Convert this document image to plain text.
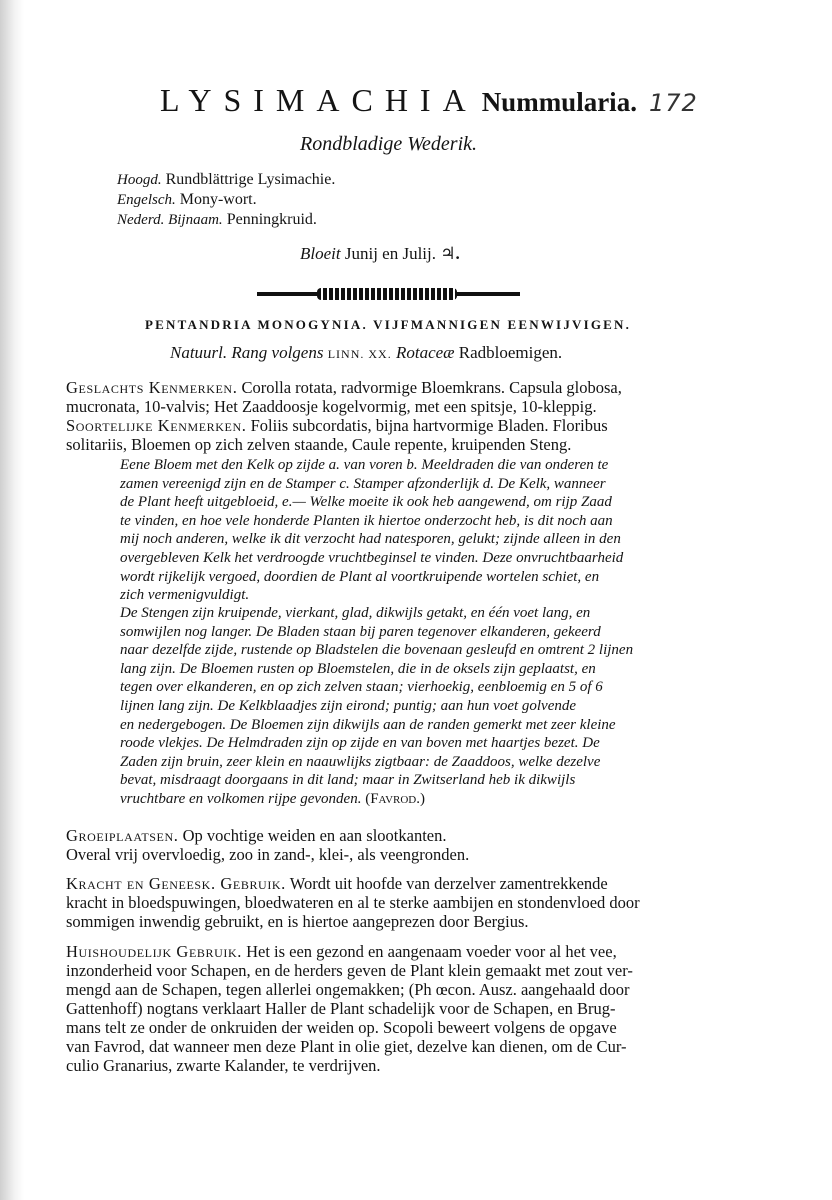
LYSIMACHIA Nummularia. 172
Rondbladige Wederik.
Hoogd. Rundblättrige Lysimachie.
Engelsch. Mony-wort.
Nederd. Bijnaam. Penningkruid.
Bloeit Junij en Julij. ♃.
PENTANDRIA MONOGYNIA. VIJFMANNIGEN EENWIJVIGEN.
Natuurl. Rang volgens LINN. XX. Rotaceæ Radbloemigen.
Geslachts Kenmerken. Corolla rotata, radvormige Bloemkrans. Capsula globosa,
mucronata, 10-valvis; Het Zaaddoosje kogelvormig, met een spitsje, 10-kleppig.
Soortelijke Kenmerken. Foliis subcordatis, bijna hartvormige Bladen. Floribus
solitariis, Bloemen op zich zelven staande, Caule repente, kruipenden Steng.
Eene Bloem met den Kelk op zijde a. van voren b. Meeldraden die van onderen te
zamen vereenigd zijn en de Stamper c. Stamper afzonderlijk d. De Kelk, wanneer
de Plant heeft uitgebloeid, e.— Welke moeite ik ook heb aangewend, om rijp Zaad
te vinden, en hoe vele honderde Planten ik hiertoe onderzocht heb, is dit noch aan
mij noch anderen, welke ik dit verzocht had natesporen, gelukt; zijnde alleen in den
overgebleven Kelk het verdroogde vruchtbeginsel te vinden. Deze onvruchtbaarheid
wordt rijkelijk vergoed, doordien de Plant al voortkruipende wortelen schiet, en
zich vermenigvuldigt.
De Stengen zijn kruipende, vierkant, glad, dikwijls getakt, en één voet lang, en
somwijlen nog langer. De Bladen staan bij paren tegenover elkanderen, gekeerd
naar dezelfde zijde, rustende op Bladstelen die bovenaan gesleufd en omtrent 2 lijnen
lang zijn. De Bloemen rusten op Bloemstelen, die in de oksels zijn geplaatst, en
tegen over elkanderen, en op zich zelven staan; vierhoekig, eenbloemig en 5 of 6
lijnen lang zijn. De Kelkblaadjes zijn eirond; puntig; aan hun voet golvende
en nedergebogen. De Bloemen zijn dikwijls aan de randen gemerkt met zeer kleine
roode vlekjes. De Helmdraden zijn op zijde en van boven met haartjes bezet. De
Zaden zijn bruin, zeer klein en naauwlijks zigtbaar: de Zaaddoos, welke dezelve
bevat, misdraagt doorgaans in dit land; maar in Zwitserland heb ik dikwijls
vruchtbare en volkomen rijpe gevonden. (Favrod.)
Groeiplaatsen. Op vochtige weiden en aan slootkanten.
Overal vrij overvloedig, zoo in zand-, klei-, als veengronden.
Kracht en Geneesk. Gebruik. Wordt uit hoofde van derzelver zamentrekkende
kracht in bloedspuwingen, bloedwateren en al te sterke aambijen en stondenvloed door
sommigen inwendig gebruikt, en is hiertoe aangeprezen door Bergius.
Huishoudelijk Gebruik. Het is een gezond en aangenaam voeder voor al het vee,
inzonderheid voor Schapen, en de herders geven de Plant klein gemaakt met zout ver-
mengd aan de Schapen, tegen allerlei ongemakken; (Ph œcon. Ausz. aangehaald door
Gattenhoff) nogtans verklaart Haller de Plant schadelijk voor de Schapen, en Brug-
mans telt ze onder de onkruiden der weiden op. Scopoli beweert volgens de opgave
van Favrod, dat wanneer men deze Plant in olie giet, dezelve kan dienen, om de Cur-
culio Granarius, zwarte Kalander, te verdrijven.
